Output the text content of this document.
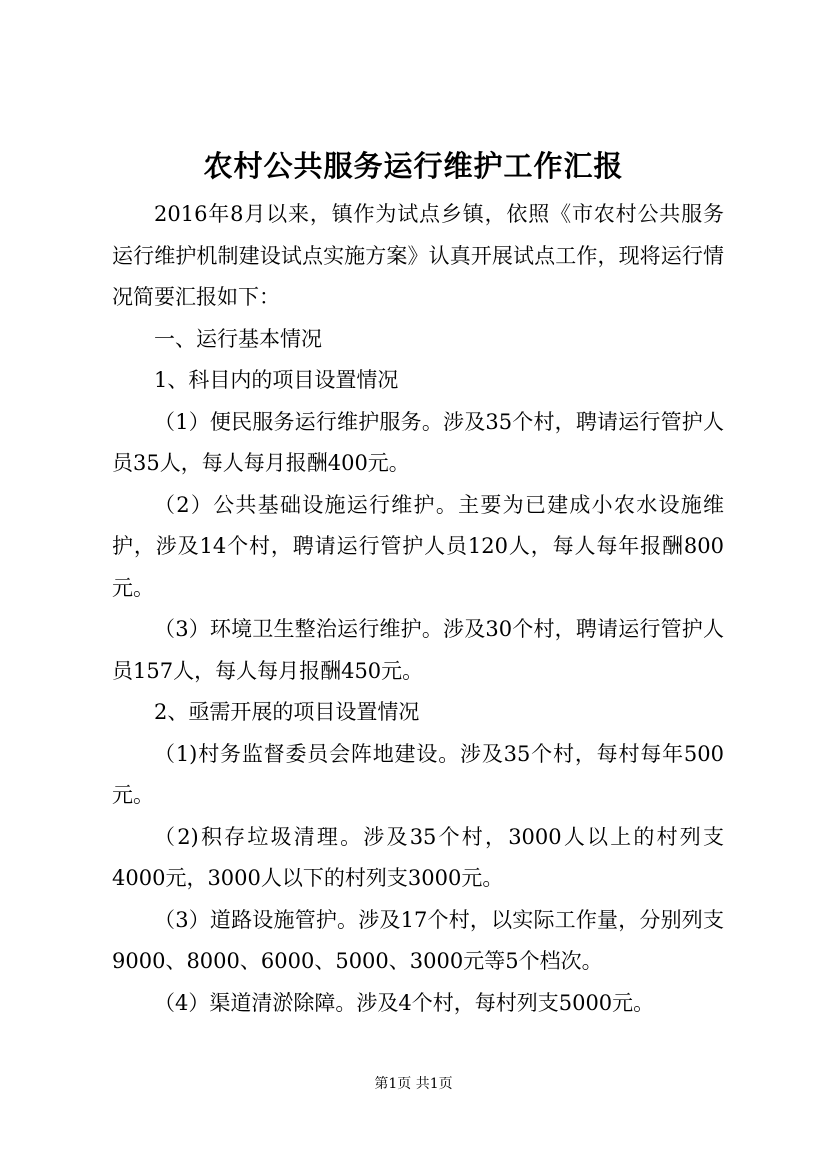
农村公共服务运行维护工作汇报

2016年8月以来，镇作为试点乡镇，依照《市农村公共服务运行维护机制建设试点实施方案》认真开展试点工作，现将运行情况简要汇报如下：

一、运行基本情况

1、科目内的项目设置情况

（1）便民服务运行维护服务。涉及35个村，聘请运行管护人员35人，每人每月报酬400元。

（2）公共基础设施运行维护。主要为已建成小农水设施维护，涉及14个村，聘请运行管护人员120人，每人每年报酬800元。

（3）环境卫生整治运行维护。涉及30个村，聘请运行管护人员157人，每人每月报酬450元。

2、亟需开展的项目设置情况

（1)村务监督委员会阵地建设。涉及35个村，每村每年500元。

（2)积存垃圾清理。涉及35个村，3000人以上的村列支4000元，3000人以下的村列支3000元。

（3）道路设施管护。涉及17个村，以实际工作量，分别列支9000、8000、6000、5000、3000元等5个档次。

（4）渠道清淤除障。涉及4个村，每村列支5000元。

第1页 共1页
